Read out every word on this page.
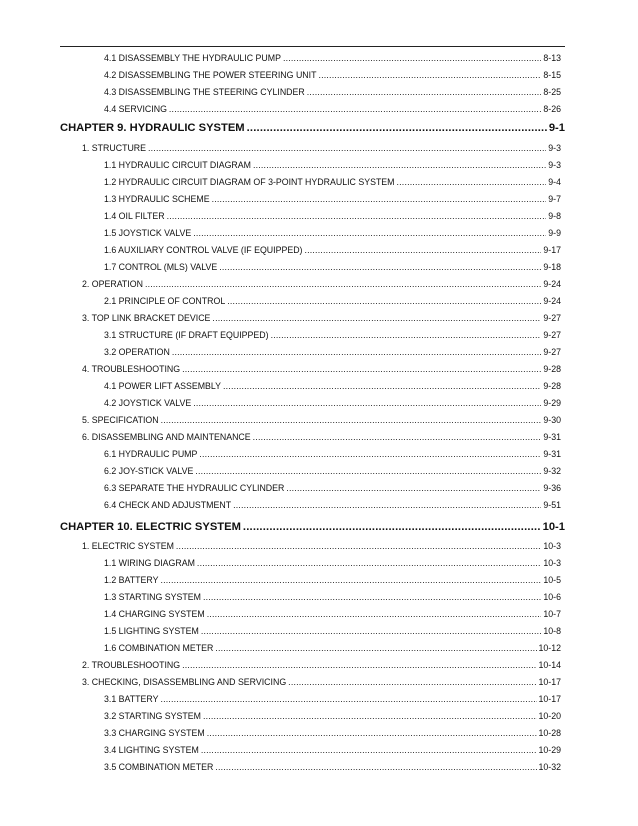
4.1 DISASSEMBLY THE HYDRAULIC PUMP .....	8-13
4.2 DISASSEMBLING THE POWER STEERING UNIT .....	8-15
4.3 DISASSEMBLING THE STEERING CYLINDER .....	8-25
4.4 SERVICING .....	8-26
CHAPTER 9. HYDRAULIC SYSTEM .....	9-1
1. STRUCTURE .....	9-3
1.1 HYDRAULIC CIRCUIT DIAGRAM .....	9-3
1.2 HYDRAULIC CIRCUIT DIAGRAM OF 3-POINT HYDRAULIC SYSTEM .....	9-4
1.3 HYDRAULIC SCHEME .....	9-7
1.4 OIL FILTER .....	9-8
1.5 JOYSTICK VALVE .....	9-9
1.6 AUXILIARY CONTROL VALVE (IF EQUIPPED) .....	9-17
1.7 CONTROL (MLS) VALVE .....	9-18
2. OPERATION .....	9-24
2.1 PRINCIPLE OF CONTROL .....	9-24
3. TOP LINK BRACKET DEVICE .....	9-27
3.1 STRUCTURE (IF DRAFT EQUIPPED) .....	9-27
3.2 OPERATION .....	9-27
4. TROUBLESHOOTING .....	9-28
4.1 POWER LIFT ASSEMBLY .....	9-28
4.2 JOYSTICK VALVE .....	9-29
5. SPECIFICATION .....	9-30
6. DISASSEMBLING AND MAINTENANCE .....	9-31
6.1 HYDRAULIC PUMP .....	9-31
6.2 JOY-STICK VALVE .....	9-32
6.3 SEPARATE THE HYDRAULIC CYLINDER .....	9-36
6.4 CHECK AND ADJUSTMENT .....	9-51
CHAPTER 10. ELECTRIC SYSTEM .....	10-1
1. ELECTRIC SYSTEM .....	10-3
1.1 WIRING DIAGRAM .....	10-3
1.2 BATTERY .....	10-5
1.3 STARTING SYSTEM .....	10-6
1.4 CHARGING SYSTEM .....	10-7
1.5 LIGHTING SYSTEM .....	10-8
1.6 COMBINATION METER .....	10-12
2. TROUBLESHOOTING .....	10-14
3. CHECKING, DISASSEMBLING AND SERVICING .....	10-17
3.1 BATTERY .....	10-17
3.2 STARTING SYSTEM .....	10-20
3.3 CHARGING SYSTEM .....	10-28
3.4 LIGHTING SYSTEM .....	10-29
3.5 COMBINATION METER .....	10-32
